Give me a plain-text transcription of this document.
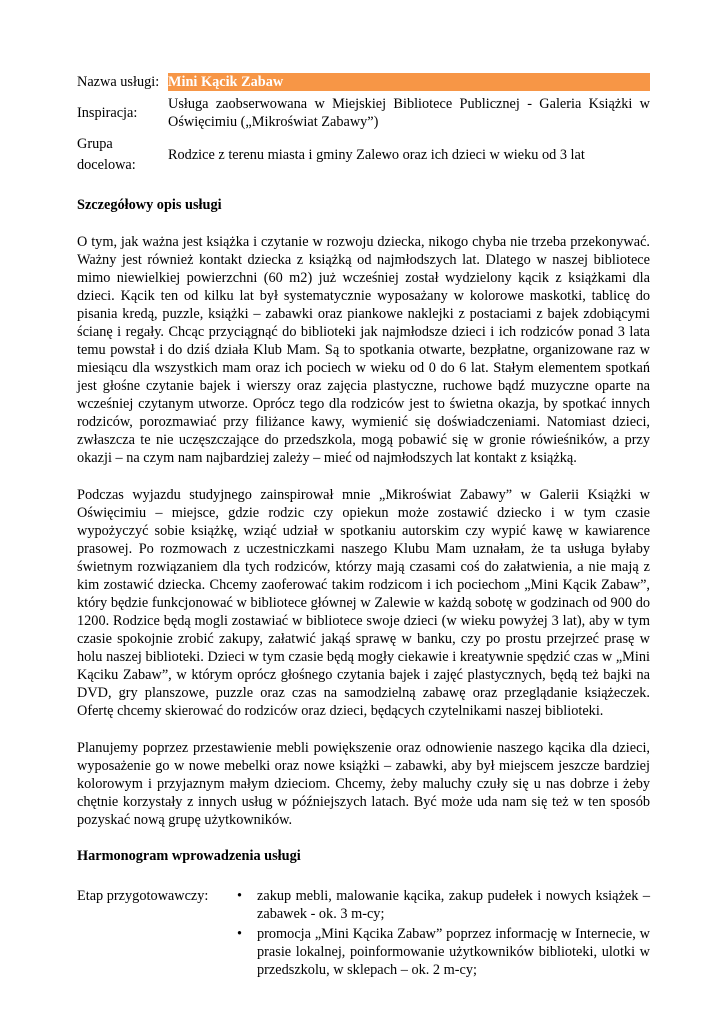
Nazwa usługi:	Mini Kącik Zabaw
Inspiracja:	Usługa zaobserwowana w Miejskiej Bibliotece Publicznej - Galeria Książki w Oświęcimiu („Mikroświat Zabawy”)

Grupa
docelowa:	Rodzice z terenu miasta i gminy Zalewo oraz ich dzieci w wieku od 3 lat
Szczegółowy opis usługi

O tym, jak ważna jest książka i czytanie w rozwoju dziecka, nikogo chyba nie trzeba przekonywać. Ważny jest również kontakt dziecka z książką od najmłodszych lat. Dlatego w naszej bibliotece mimo niewielkiej powierzchni (60 m2) już wcześniej został wydzielony kącik z książkami dla dzieci. Kącik ten od kilku lat był systematycznie wyposażany w kolorowe maskotki, tablicę do pisania kredą, puzzle, książki – zabawki oraz piankowe naklejki z postaciami z bajek zdobiącymi ścianę i regały. Chcąc przyciągnąć do biblioteki jak najmłodsze dzieci i ich rodziców ponad 3 lata temu powstał i do dziś działa Klub Mam. Są to spotkania otwarte, bezpłatne, organizowane raz w miesiącu dla wszystkich mam oraz ich pociech w wieku od 0 do 6 lat. Stałym elementem spotkań jest głośne czytanie bajek i wierszy oraz zajęcia plastyczne, ruchowe bądź muzyczne oparte na wcześniej czytanym utworze. Oprócz tego dla rodziców jest to świetna okazja, by spotkać innych rodziców, porozmawiać przy filiżance kawy, wymienić się doświadczeniami. Natomiast dzieci, zwłaszcza te nie uczęszczające do przedszkola, mogą pobawić się w gronie rówieśników, a przy okazji – na czym nam najbardziej zależy – mieć od najmłodszych lat kontakt z książką.

Podczas wyjazdu studyjnego zainspirował mnie „Mikroświat Zabawy” w Galerii Książki w Oświęcimiu – miejsce, gdzie rodzic czy opiekun może zostawić dziecko i w tym czasie wypożyczyć sobie książkę, wziąć udział w spotkaniu autorskim czy wypić kawę w kawiarence prasowej. Po rozmowach z uczestniczkami naszego Klubu Mam uznałam, że ta usługa byłaby świetnym rozwiązaniem dla tych rodziców, którzy mają czasami coś do załatwienia, a nie mają z kim zostawić dziecka. Chcemy zaoferować takim rodzicom i ich pociechom „Mini Kącik Zabaw”, który będzie funkcjonować w bibliotece głównej w Zalewie w każdą sobotę w godzinach od 900 do 1200. Rodzice będą mogli zostawiać w bibliotece swoje dzieci (w wieku powyżej 3 lat), aby w tym czasie spokojnie zrobić zakupy, załatwić jakąś sprawę w banku, czy po prostu przejrzeć prasę w holu naszej biblioteki. Dzieci w tym czasie będą mogły ciekawie i kreatywnie spędzić czas w „Mini Kąciku Zabaw”, w którym oprócz głośnego czytania bajek i zajęć plastycznych, będą też bajki na DVD, gry planszowe, puzzle oraz czas na samodzielną zabawę oraz przeglądanie książeczek. Ofertę chcemy skierować do rodziców oraz dzieci, będących czytelnikami naszej biblioteki.

Planujemy poprzez przestawienie mebli powiększenie oraz odnowienie naszego kącika dla dzieci, wyposażenie go w nowe mebelki oraz nowe książki – zabawki, aby był miejscem jeszcze bardziej kolorowym i przyjaznym małym dzieciom. Chcemy, żeby maluchy czuły się u nas dobrze i żeby chętnie korzystały z innych usług w późniejszych latach. Być może uda nam się też w ten sposób pozyskać nową grupę użytkowników.

Harmonogram wprowadzenia usługi
Etap przygotowawczy:	• zakup mebli, malowanie kącika, zakup pudełek i nowych książek – zabawek - ok. 3 m-cy;
• promocja „Mini Kącika Zabaw” poprzez informację w Internecie, w prasie lokalnej, poinformowanie użytkowników biblioteki, ulotki w przedszkolu, w sklepach – ok. 2 m-cy;
